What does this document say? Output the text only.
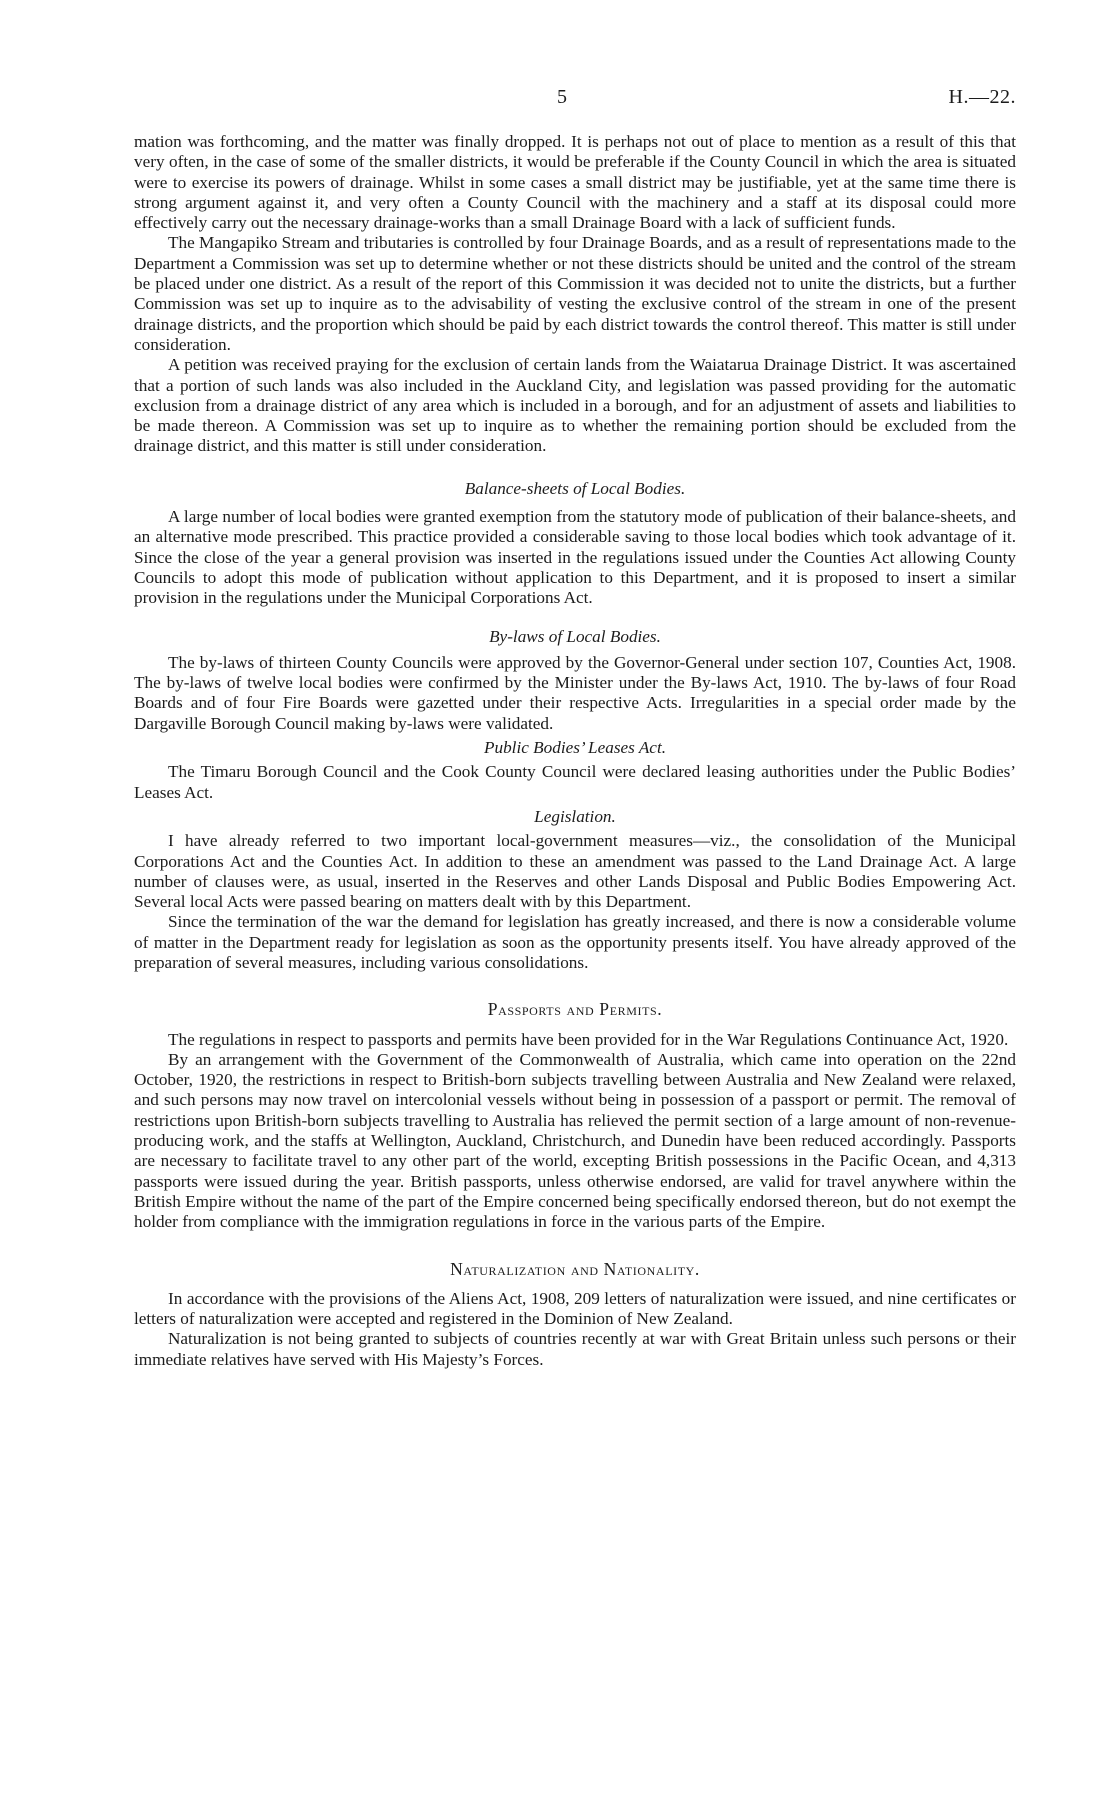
5	H.—22.

mation was forthcoming, and the matter was finally dropped. It is perhaps not out of place to mention as a result of this that very often, in the case of some of the smaller districts, it would be preferable if the County Council in which the area is situated were to exercise its powers of drainage. Whilst in some cases a small district may be justifiable, yet at the same time there is strong argument against it, and very often a County Council with the machinery and a staff at its disposal could more effectively carry out the necessary drainage-works than a small Drainage Board with a lack of sufficient funds.

The Mangapiko Stream and tributaries is controlled by four Drainage Boards, and as a result of representations made to the Department a Commission was set up to determine whether or not these districts should be united and the control of the stream be placed under one district. As a result of the report of this Commission it was decided not to unite the districts, but a further Commission was set up to inquire as to the advisability of vesting the exclusive control of the stream in one of the present drainage districts, and the proportion which should be paid by each district towards the control thereof. This matter is still under consideration.

A petition was received praying for the exclusion of certain lands from the Waiatarua Drainage District. It was ascertained that a portion of such lands was also included in the Auckland City, and legislation was passed providing for the automatic exclusion from a drainage district of any area which is included in a borough, and for an adjustment of assets and liabilities to be made thereon. A Commission was set up to inquire as to whether the remaining portion should be excluded from the drainage district, and this matter is still under consideration.

Balance-sheets of Local Bodies.

A large number of local bodies were granted exemption from the statutory mode of publication of their balance-sheets, and an alternative mode prescribed. This practice provided a considerable saving to those local bodies which took advantage of it. Since the close of the year a general provision was inserted in the regulations issued under the Counties Act allowing County Councils to adopt this mode of publication without application to this Department, and it is proposed to insert a similar provision in the regulations under the Municipal Corporations Act.

By-laws of Local Bodies.

The by-laws of thirteen County Councils were approved by the Governor-General under section 107, Counties Act, 1908. The by-laws of twelve local bodies were confirmed by the Minister under the By-laws Act, 1910. The by-laws of four Road Boards and of four Fire Boards were gazetted under their respective Acts. Irregularities in a special order made by the Dargaville Borough Council making by-laws were validated.

Public Bodies’ Leases Act.

The Timaru Borough Council and the Cook County Council were declared leasing authorities under the Public Bodies’ Leases Act.

Legislation.

I have already referred to two important local-government measures—viz., the consolidation of the Municipal Corporations Act and the Counties Act. In addition to these an amendment was passed to the Land Drainage Act. A large number of clauses were, as usual, inserted in the Reserves and other Lands Disposal and Public Bodies Empowering Act. Several local Acts were passed bearing on matters dealt with by this Department.

Since the termination of the war the demand for legislation has greatly increased, and there is now a considerable volume of matter in the Department ready for legislation as soon as the opportunity presents itself. You have already approved of the preparation of several measures, including various consolidations.

Passports and Permits.

The regulations in respect to passports and permits have been provided for in the War Regulations Continuance Act, 1920.

By an arrangement with the Government of the Commonwealth of Australia, which came into operation on the 22nd October, 1920, the restrictions in respect to British-born subjects travelling between Australia and New Zealand were relaxed, and such persons may now travel on intercolonial vessels without being in possession of a passport or permit. The removal of restrictions upon British-born subjects travelling to Australia has relieved the permit section of a large amount of non-revenue-producing work, and the staffs at Wellington, Auckland, Christchurch, and Dunedin have been reduced accordingly. Passports are necessary to facilitate travel to any other part of the world, excepting British possessions in the Pacific Ocean, and 4,313 passports were issued during the year. British passports, unless otherwise endorsed, are valid for travel anywhere within the British Empire without the name of the part of the Empire concerned being specifically endorsed thereon, but do not exempt the holder from compliance with the immigration regulations in force in the various parts of the Empire.

Naturalization and Nationality.

In accordance with the provisions of the Aliens Act, 1908, 209 letters of naturalization were issued, and nine certificates or letters of naturalization were accepted and registered in the Dominion of New Zealand.

Naturalization is not being granted to subjects of countries recently at war with Great Britain unless such persons or their immediate relatives have served with His Majesty’s Forces.
